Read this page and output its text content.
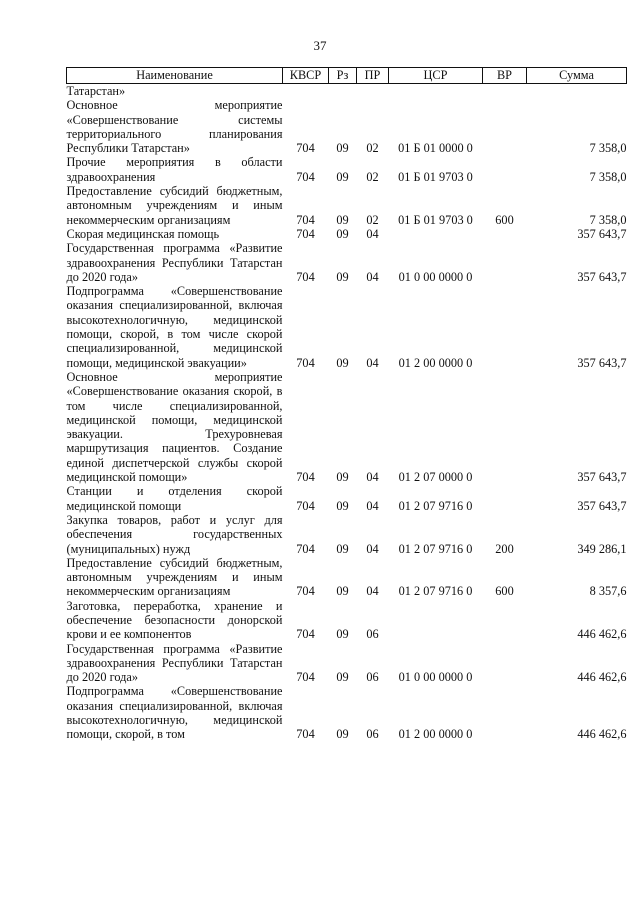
37
Наименование	КВСР	Рз	ПР	ЦСР	ВР	Сумма
Татарстан»						
Основное мероприятие «Совершенствование системы территориального планирования Республики Татарстан»	704	09	02	01 Б 01 0000 0		7 358,0
Прочие мероприятия в области здравоохранения	704	09	02	01 Б 01 9703 0		7 358,0
Предоставление субсидий бюджетным, автономным учреждениям и иным некоммерческим организациям	704	09	02	01 Б 01 9703 0	600	7 358,0
Скорая медицинская помощь	704	09	04			357 643,7
Государственная программа «Развитие здравоохранения Республики Татарстан до 2020 года»	704	09	04	01 0 00 0000 0		357 643,7
Подпрограмма «Совершенствование оказания специализированной, включая высокотехнологичную, медицинской помощи, скорой, в том числе скорой специализированной, медицинской помощи, медицинской эвакуации»	704	09	04	01 2 00 0000 0		357 643,7
Основное мероприятие «Совершенствование оказания скорой, в том числе специализированной, медицинской помощи, медицинской эвакуации. Трехуровневая маршрутизация пациентов. Создание единой диспетчерской службы скорой медицинской помощи»	704	09	04	01 2 07 0000 0		357 643,7
Станции и отделения скорой медицинской помощи	704	09	04	01 2 07 9716 0		357 643,7
Закупка товаров, работ и услуг для обеспечения государственных (муниципальных) нужд	704	09	04	01 2 07 9716 0	200	349 286,1
Предоставление субсидий бюджетным, автономным учреждениям и иным некоммерческим организациям	704	09	04	01 2 07 9716 0	600	8 357,6
Заготовка, переработка, хранение и обеспечение безопасности донорской крови и ее компонентов	704	09	06			446 462,6
Государственная программа «Развитие здравоохранения Республики Татарстан до 2020 года»	704	09	06	01 0 00 0000 0		446 462,6
Подпрограмма «Совершенствование оказания специализированной, включая высокотехнологичную, медицинской помощи, скорой, в том	704	09	06	01 2 00 0000 0		446 462,6
